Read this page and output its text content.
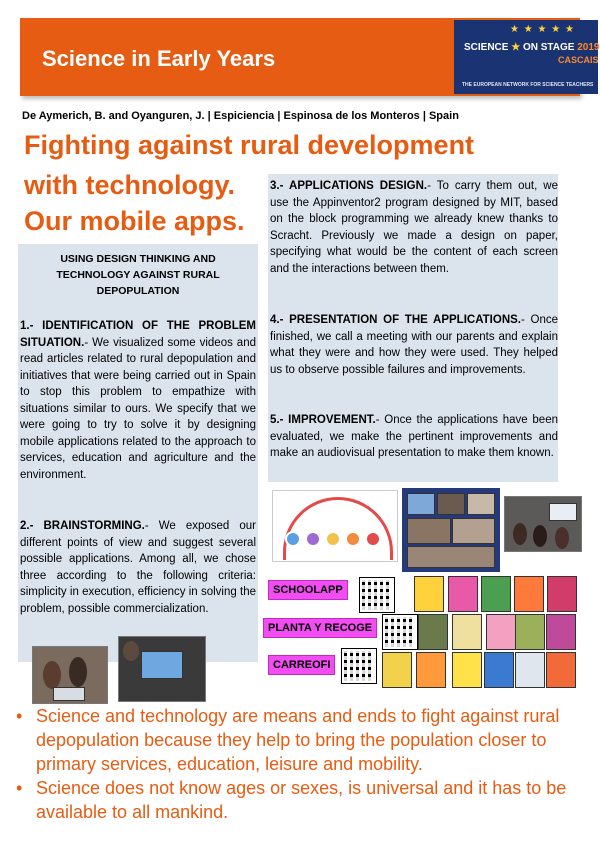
Science in Early Years
★ ★ ★ ★ ★
SCIENCE ★ ON STAGE 2019
CASCAIS
THE EUROPEAN NETWORK FOR SCIENCE TEACHERS
De Aymerich, B. and Oyanguren, J. | Espiciencia | Espinosa de los Monteros | Spain
Fighting against rural development
with technology.
Our mobile apps.
USING DESIGN THINKING AND TECHNOLOGY AGAINST RURAL DEPOPULATION
1.- IDENTIFICATION OF THE PROBLEM SITUATION.- We visualized some videos and read articles related to rural depopulation and initiatives that were being carried out in Spain to stop this problem to empathize with situations similar to ours. We specify that we were going to try to solve it by designing mobile applications related to the approach to services, education and agriculture and the environment.
2.- BRAINSTORMING.- We exposed our different points of view and suggest several possible applications. Among all, we chose three according to the following criteria: simplicity in execution, efficiency in solving the problem, possible commercialization.
3.- APPLICATIONS DESIGN.- To carry them out, we use the Appinventor2 program designed by MIT, based on the block programming we already knew thanks to Scracht. Previously we made a design on paper, specifying what would be the content of each screen and the interactions between them.
4.- PRESENTATION OF THE APPLICATIONS.- Once finished, we call a meeting with our parents and explain what they were and how they were used. They helped us to observe possible failures and improvements.
5.- IMPROVEMENT.- Once the applications have been evaluated, we make the pertinent improvements and make an audiovisual presentation to make them known.
SCHOOLAPP
PLANTA Y RECOGE
CARREOFI
• Science and technology are means and ends to fight against rural depopulation because they help to bring the population closer to primary services, education, leisure and mobility.
• Science does not know ages or sexes, is universal and it has to be available to all mankind.
